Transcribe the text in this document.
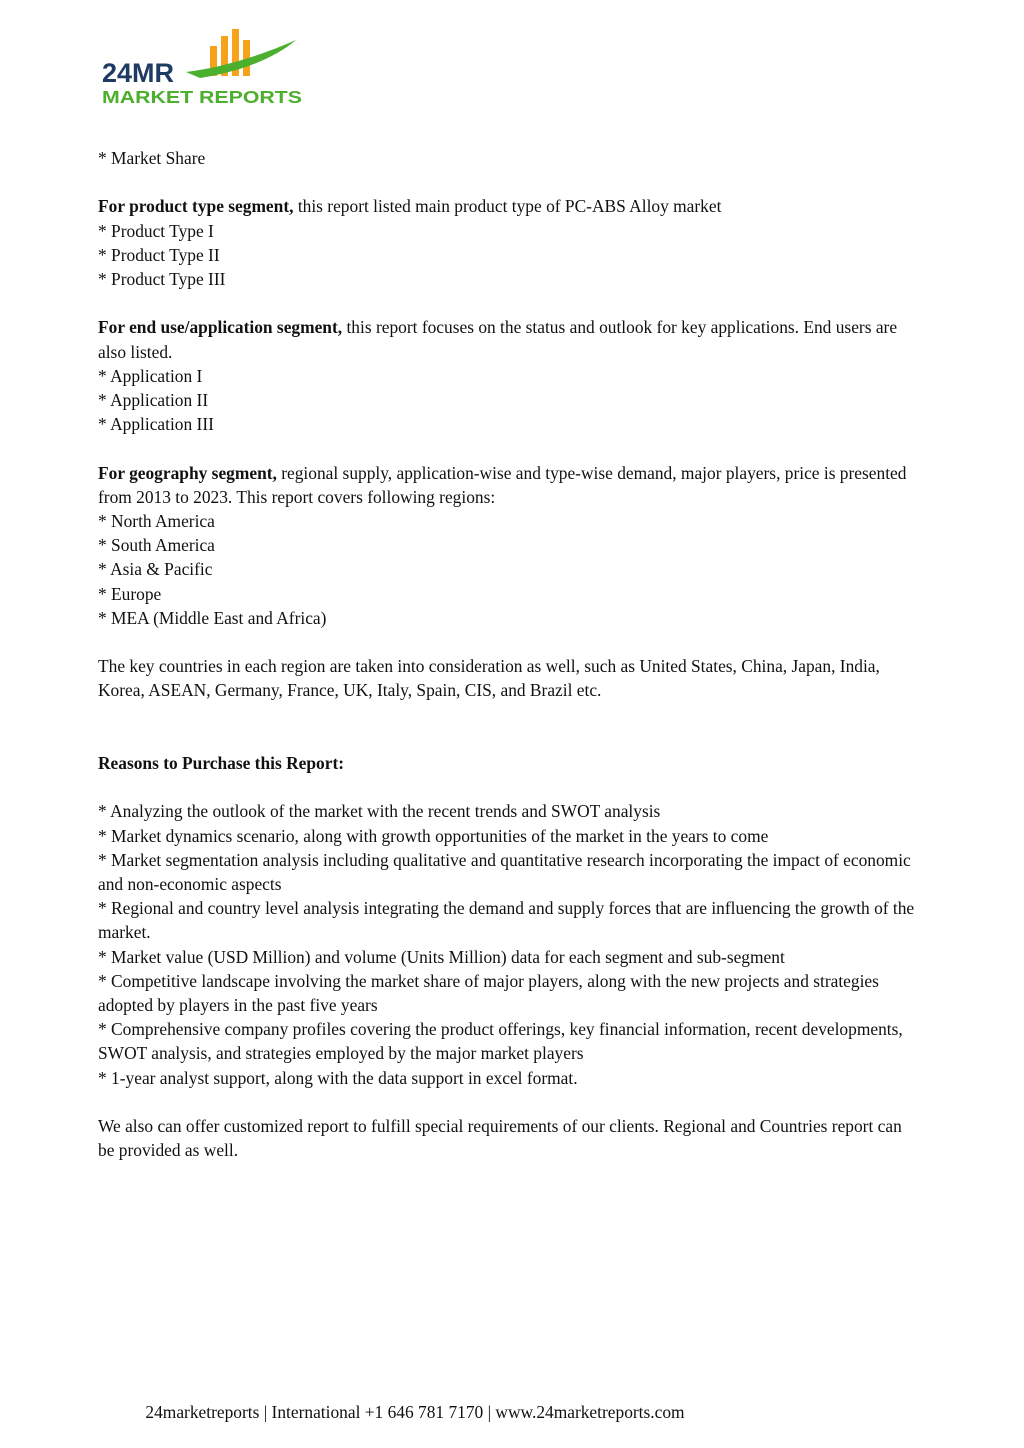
24MR
MARKET REPORTS

* Market Share

For product type segment, this report listed main product type of PC-ABS Alloy market

* Product Type I

* Product Type II

* Product Type III

For end use/application segment, this report focuses on the status and outlook for key applications. End users are also listed.

* Application I

* Application II

* Application III

For geography segment, regional supply, application-wise and type-wise demand, major players, price is presented from 2013 to 2023. This report covers following regions:

* North America

* South America

* Asia & Pacific

* Europe

* MEA (Middle East and Africa)

The key countries in each region are taken into consideration as well, such as United States, China, Japan, India, Korea, ASEAN, Germany, France, UK, Italy, Spain, CIS, and Brazil etc.

Reasons to Purchase this Report:

* Analyzing the outlook of the market with the recent trends and SWOT analysis

* Market dynamics scenario, along with growth opportunities of the market in the years to come

* Market segmentation analysis including qualitative and quantitative research incorporating the impact of economic and non-economic aspects

* Regional and country level analysis integrating the demand and supply forces that are influencing the growth of the market.

* Market value (USD Million) and volume (Units Million) data for each segment and sub-segment

* Competitive landscape involving the market share of major players, along with the new projects and strategies adopted by players in the past five years

* Comprehensive company profiles covering the product offerings, key financial information, recent developments, SWOT analysis, and strategies employed by the major market players

* 1-year analyst support, along with the data support in excel format.

We also can offer customized report to fulfill special requirements of our clients. Regional and Countries report can be provided as well.

24marketreports | International +1 646 781 7170 | www.24marketreports.com
